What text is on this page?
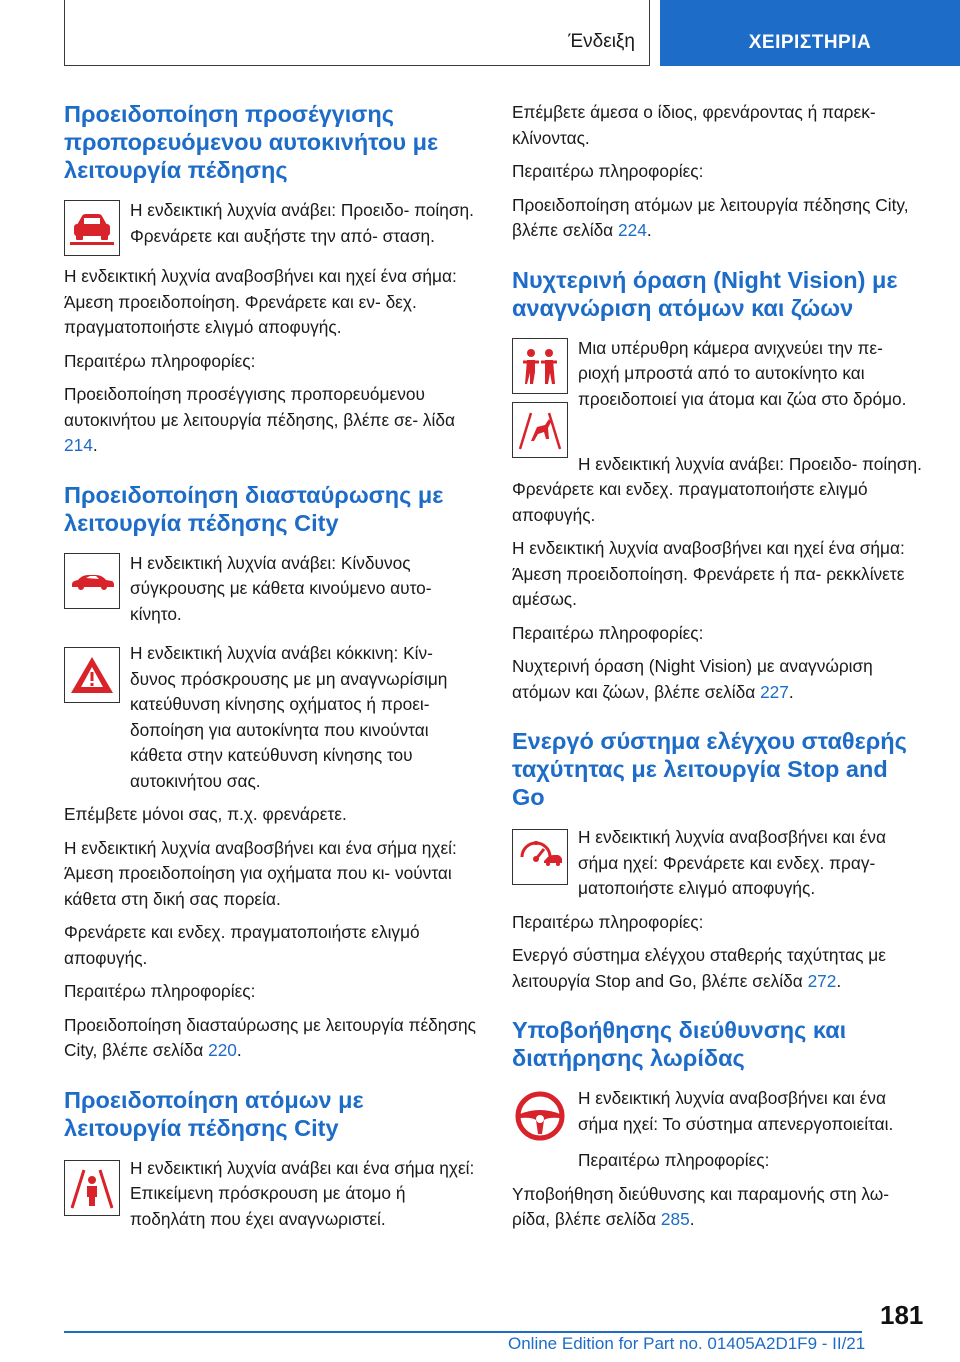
Ένδειξη	ΧΕΙΡΙΣΤΗΡΙΑ
Προειδοποίηση προσέγγισης προπορευόμενου αυτοκινήτου με λειτουργία πέδησης

Η ενδεικτική λυχνία ανάβει: Προειδο- ποίηση. Φρενάρετε και αυξήστε την από- σταση.

Η ενδεικτική λυχνία αναβοσβήνει και ηχεί ένα σήμα: Άμεση προειδοποίηση. Φρενάρετε και εν- δεχ. πραγματοποιήστε ελιγμό αποφυγής.

Περαιτέρω πληροφορίες:

Προειδοποίηση προσέγγισης προπορευόμενου αυτοκινήτου με λειτουργία πέδησης, βλέπε σε- λίδα 214.

Προειδοποίηση διασταύρωσης με λειτουργία πέδησης City

Η ενδεικτική λυχνία ανάβει: Κίνδυνος σύγκρουσης με κάθετα κινούμενο αυτο- κίνητο.

Η ενδεικτική λυχνία ανάβει κόκκινη: Κίν- δυνος πρόσκρουσης με μη αναγνωρίσιμη κατεύθυνση κίνησης οχήματος ή προει- δοποίηση για αυτοκίνητα που κινούνται κάθετα στην κατεύθυνση κίνησης του αυτοκινήτου σας.

Επέμβετε μόνοι σας, π.χ. φρενάρετε.

Η ενδεικτική λυχνία αναβοσβήνει και ένα σήμα ηχεί: Άμεση προειδοποίηση για οχήματα που κι- νούνται κάθετα στη δική σας πορεία.

Φρενάρετε και ενδεχ. πραγματοποιήστε ελιγμό αποφυγής.

Περαιτέρω πληροφορίες:

Προειδοποίηση διασταύρωσης με λειτουργία πέδησης City, βλέπε σελίδα 220.

Προειδοποίηση ατόμων με λειτουργία πέδησης City

Η ενδεικτική λυχνία ανάβει και ένα σήμα ηχεί: Επικείμενη πρόσκρουση με άτομο ή ποδηλάτη που έχει αναγνωριστεί.

Επέμβετε άμεσα ο ίδιος, φρενάροντας ή παρεκ- κλίνοντας.

Περαιτέρω πληροφορίες:

Προειδοποίηση ατόμων με λειτουργία πέδησης City, βλέπε σελίδα 224.

Νυχτερινή όραση (Night Vision) με αναγνώριση ατόμων και ζώων

Μια υπέρυθρη κάμερα ανιχνεύει την πε- ριοχή μπροστά από το αυτοκίνητο και προειδοποιεί για άτομα και ζώα στο δρόμο.

Η ενδεικτική λυχνία ανάβει: Προειδο- ποίηση. Φρενάρετε και ενδεχ. πραγματοποιήστε ελιγμό αποφυγής.

Η ενδεικτική λυχνία αναβοσβήνει και ηχεί ένα σήμα: Άμεση προειδοποίηση. Φρενάρετε ή πα- ρεκκλίνετε αμέσως.

Περαιτέρω πληροφορίες:

Νυχτερινή όραση (Night Vision) με αναγνώριση ατόμων και ζώων, βλέπε σελίδα 227.

Ενεργό σύστημα ελέγχου σταθερής ταχύτητας με λειτουργία Stop and Go

Η ενδεικτική λυχνία αναβοσβήνει και ένα σήμα ηχεί: Φρενάρετε και ενδεχ. πραγ- ματοποιήστε ελιγμό αποφυγής.

Περαιτέρω πληροφορίες:

Ενεργό σύστημα ελέγχου σταθερής ταχύτητας με λειτουργία Stop and Go, βλέπε σελίδα 272.

Υποβοήθησης διεύθυνσης και διατήρησης λωρίδας

Η ενδεικτική λυχνία αναβοσβήνει και ένα σήμα ηχεί: Το σύστημα απενεργοποιείται.

Περαιτέρω πληροφορίες:

Υποβοήθηση διεύθυνσης και παραμονής στη λω- ρίδα, βλέπε σελίδα 285.

181
Online Edition for Part no. 01405A2D1F9 - II/21
